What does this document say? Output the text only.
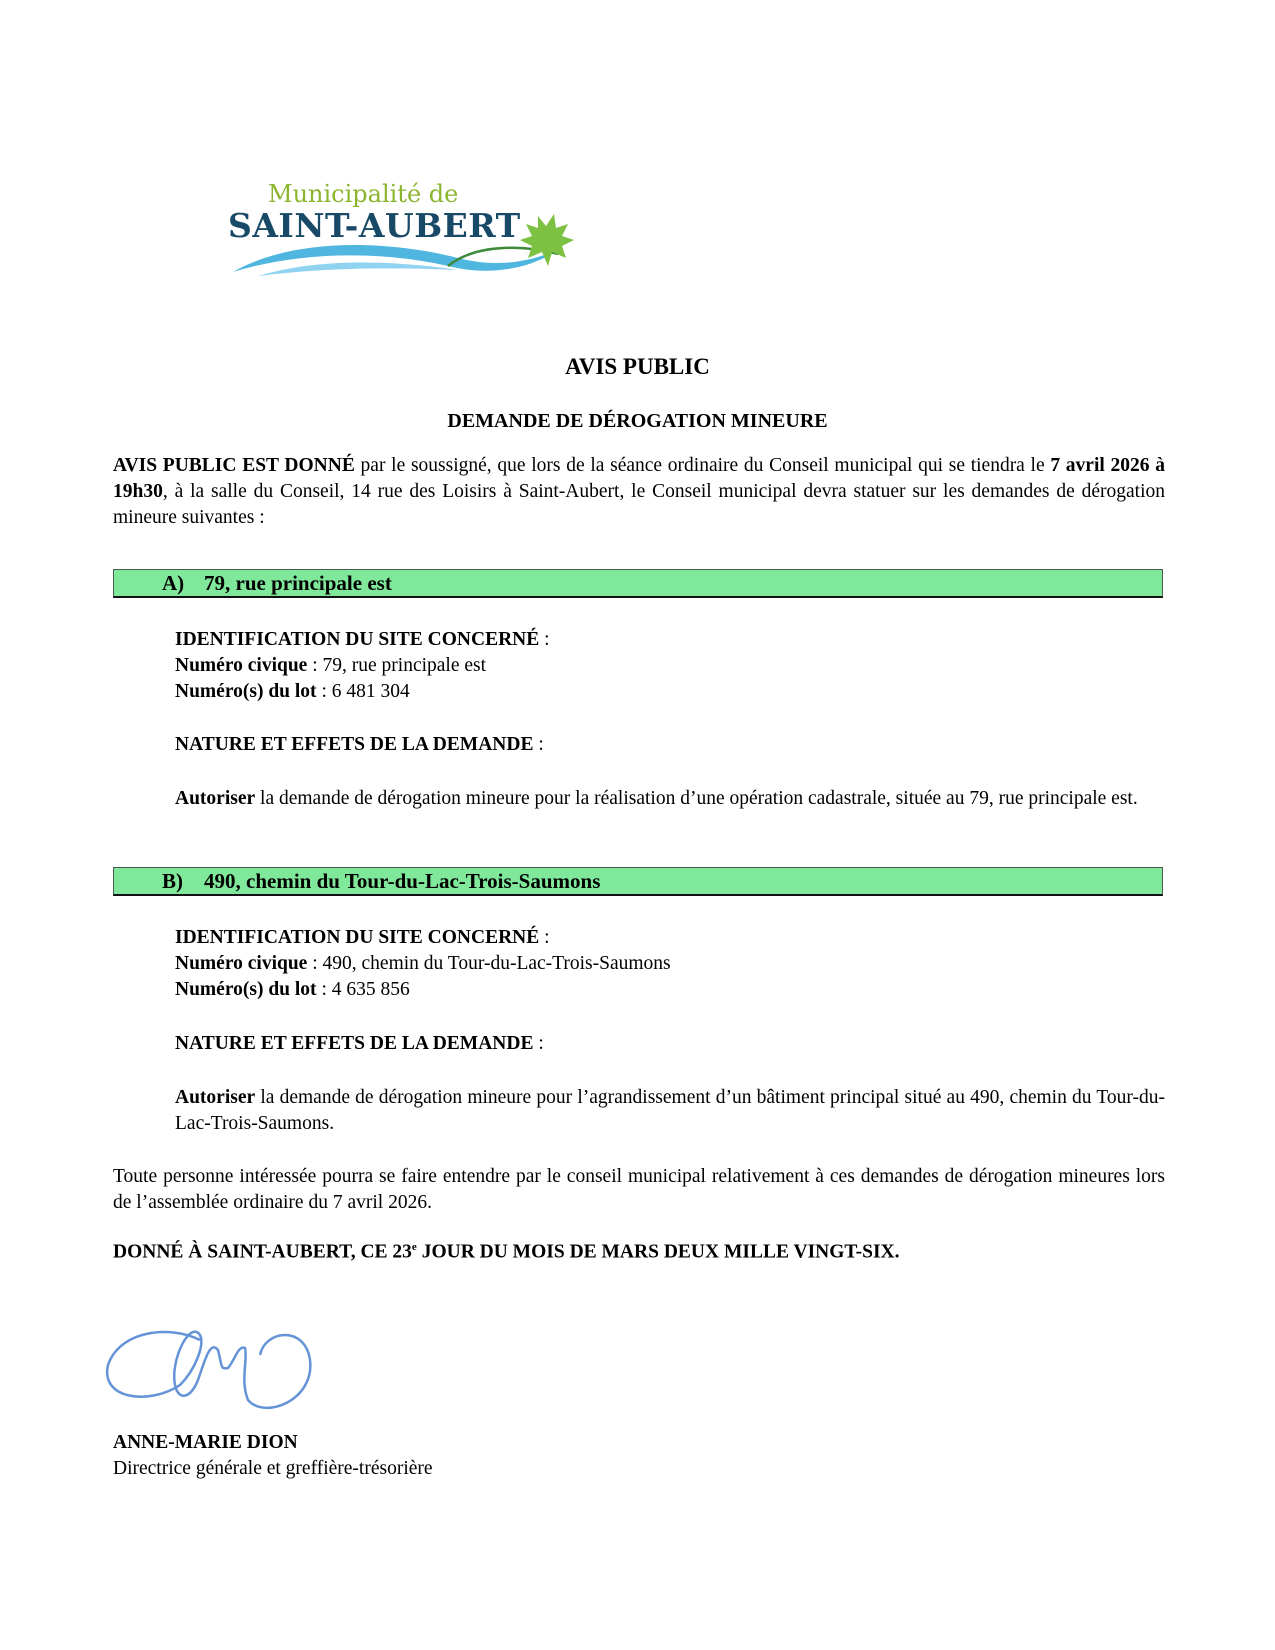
Municipalité de
SAINT-AUBERT
AVIS PUBLIC
DEMANDE DE DÉROGATION MINEURE
AVIS PUBLIC EST DONNÉ par le soussigné, que lors de la séance ordinaire du Conseil municipal qui se tiendra le 7 avril 2026 à 19h30, à la salle du Conseil, 14 rue des Loisirs à Saint-Aubert, le Conseil municipal devra statuer sur les demandes de dérogation mineure suivantes :
A) 79, rue principale est
IDENTIFICATION DU SITE CONCERNÉ :
Numéro civique : 79, rue principale est
Numéro(s) du lot : 6 481 304
NATURE ET EFFETS DE LA DEMANDE :
Autoriser la demande de dérogation mineure pour la réalisation d’une opération cadastrale, située au 79, rue principale est.
B) 490, chemin du Tour-du-Lac-Trois-Saumons
IDENTIFICATION DU SITE CONCERNÉ :
Numéro civique : 490, chemin du Tour-du-Lac-Trois-Saumons
Numéro(s) du lot : 4 635 856
NATURE ET EFFETS DE LA DEMANDE :
Autoriser la demande de dérogation mineure pour l’agrandissement d’un bâtiment principal situé au 490, chemin du Tour-du-Lac-Trois-Saumons.
Toute personne intéressée pourra se faire entendre par le conseil municipal relativement à ces demandes de dérogation mineures lors de l’assemblée ordinaire du 7 avril 2026.
DONNÉ À SAINT-AUBERT, CE 23e JOUR DU MOIS DE MARS DEUX MILLE VINGT-SIX.
ANNE-MARIE DION
Directrice générale et greffière-trésorière
